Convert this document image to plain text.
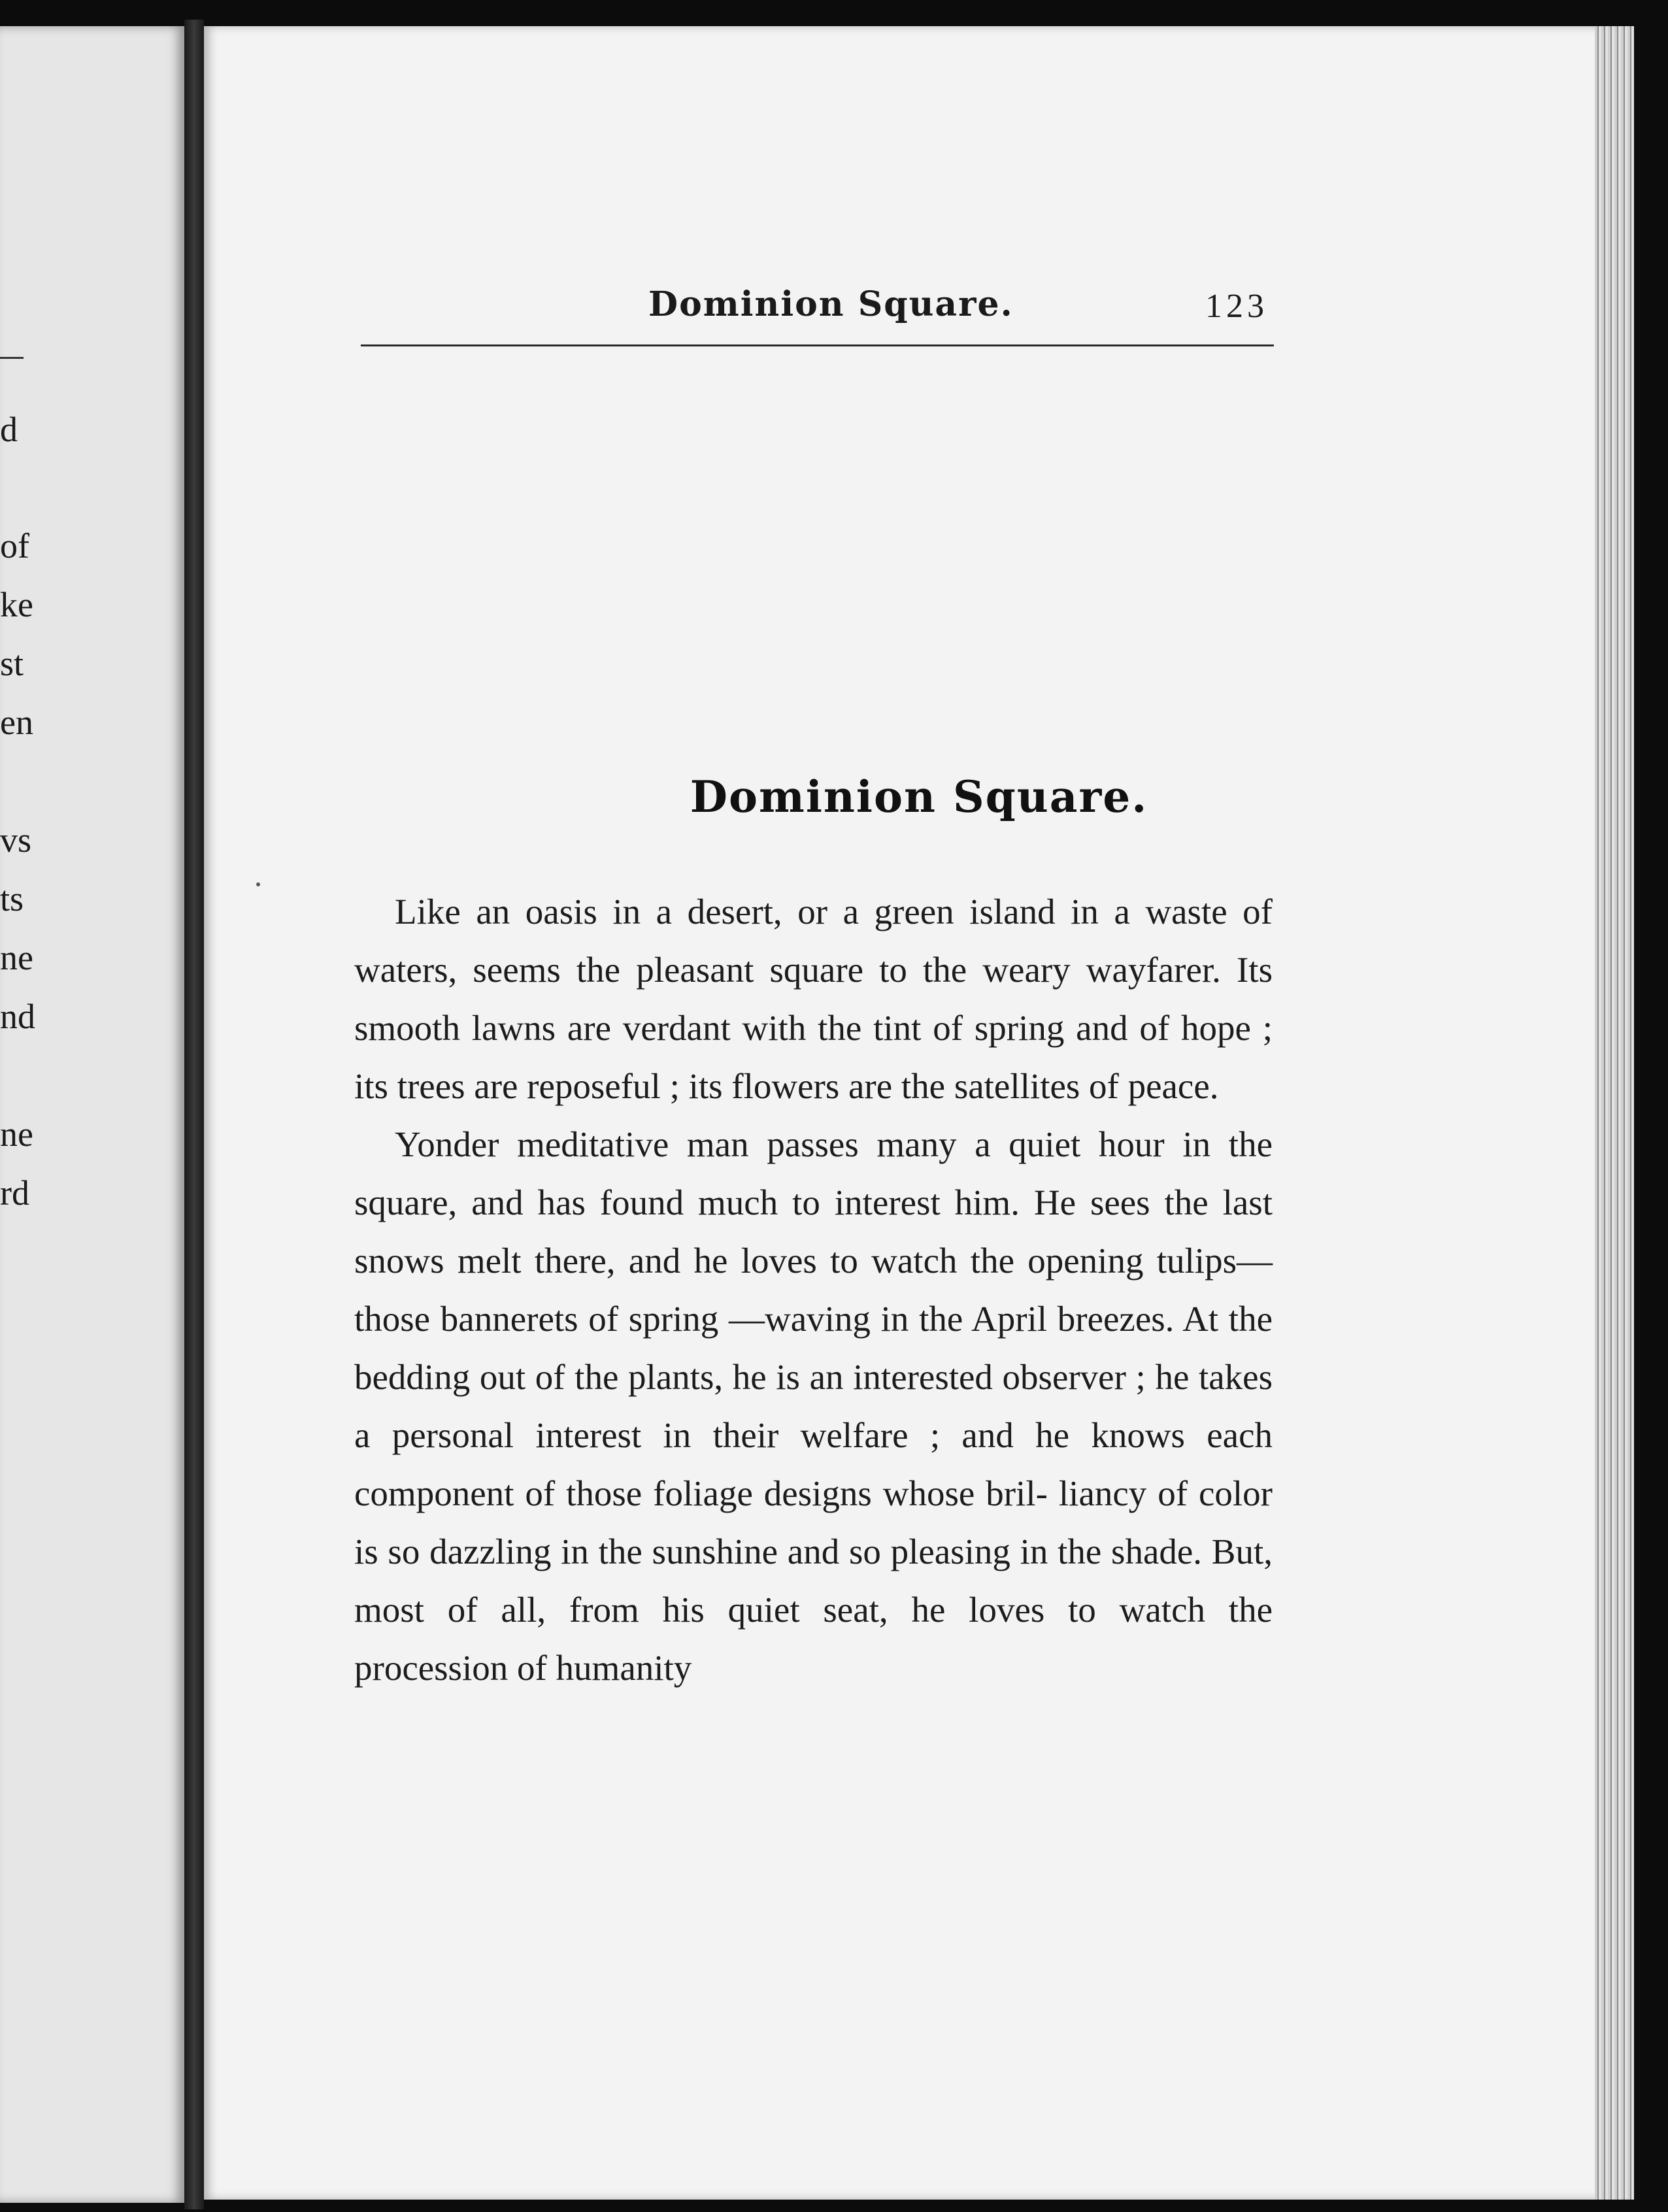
d
of
ke
st
en
vs
ts
ne
nd
ne
rd
Dominion Square.	123
Dominion Square.

Like an oasis in a desert, or a green island in a waste of waters, seems the pleasant square to the weary wayfarer. Its smooth lawns are verdant with the tint of spring and of hope ; its trees are reposeful ; its flowers are the satellites of peace.

Yonder meditative man passes many a quiet hour in the square, and has found much to interest him. He sees the last snows melt there, and he loves to watch the opening tulips—those bannerets of spring —waving in the April breezes. At the bedding out of the plants, he is an interested observer ; he takes a personal interest in their welfare ; and he knows each component of those foliage designs whose bril- liancy of color is so dazzling in the sunshine and so pleasing in the shade. But, most of all, from his quiet seat, he loves to watch the procession of humanity
